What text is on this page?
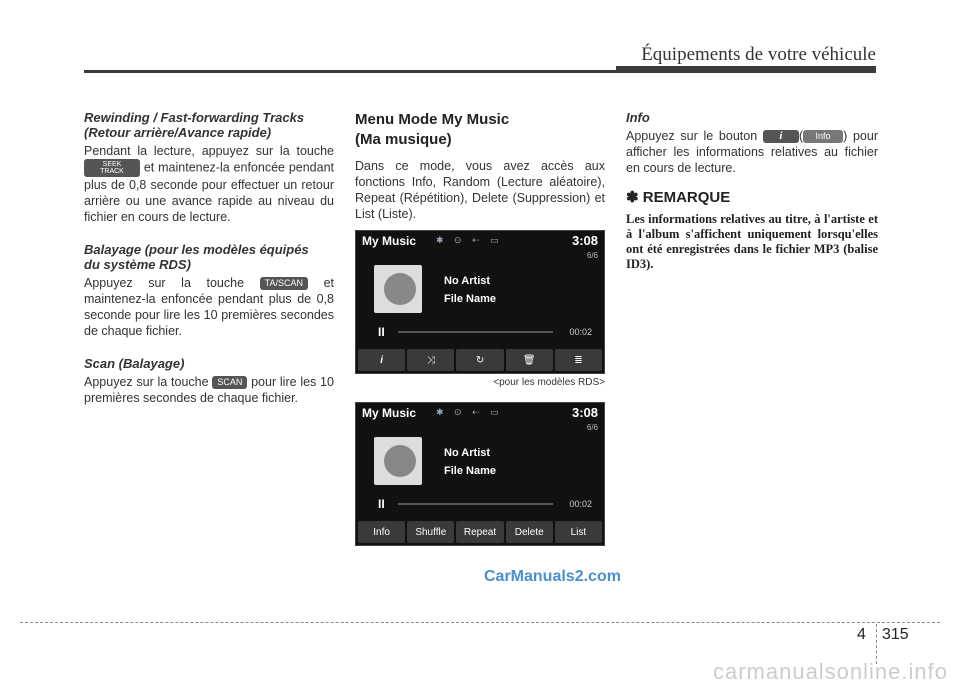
Équipements de votre véhicule
Rewinding / Fast-forwarding Tracks
(Retour arrière/Avance rapide)

Pendant la lecture, appuyez sur la touche SEEK
TRACK et maintenez-la enfoncée pendant plus de 0,8 seconde pour effectuer un retour arrière ou une avance rapide au niveau du fichier en cours de lecture.

Balayage (pour les modèles équipés
du système RDS)

Appuyez sur la touche TA/SCAN et maintenez-la enfoncée pendant plus de 0,8 seconde pour lire les 10 premières secondes de chaque fichier.

Scan (Balayage)

Appuyez sur la touche SCAN pour lire les 10 premières secondes de chaque fichier.

Menu Mode My Music
(Ma musique)

Dans ce mode, vous avez accès aux fonctions Info, Random (Lecture aléatoire), Repeat (Répétition), Delete (Suppression) et List (Liste).

My Music ✱ ⊙ ⇠ ▭	3:08
6/6
No Artist
File Name
II	00:02
i	⤨	↻	🗑	≣
<pour les modèles RDS>
My Music ✱ ⊙ ⇠ ▭	3:08
6/6
No Artist
File Name
II	00:02
Info	Shuffle	Repeat	Delete	List
Info

Appuyez sur le bouton i ( Info ) pour afficher les informations relatives au fichier en cours de lecture.

✽ REMARQUE

Les informations relatives au titre, à l'artiste et à l'album s'affichent uniquement lorsqu'elles ont été enregistrées dans le fichier MP3 (balise ID3).

CarManuals2.com
4 315
carmanualsonline.info
